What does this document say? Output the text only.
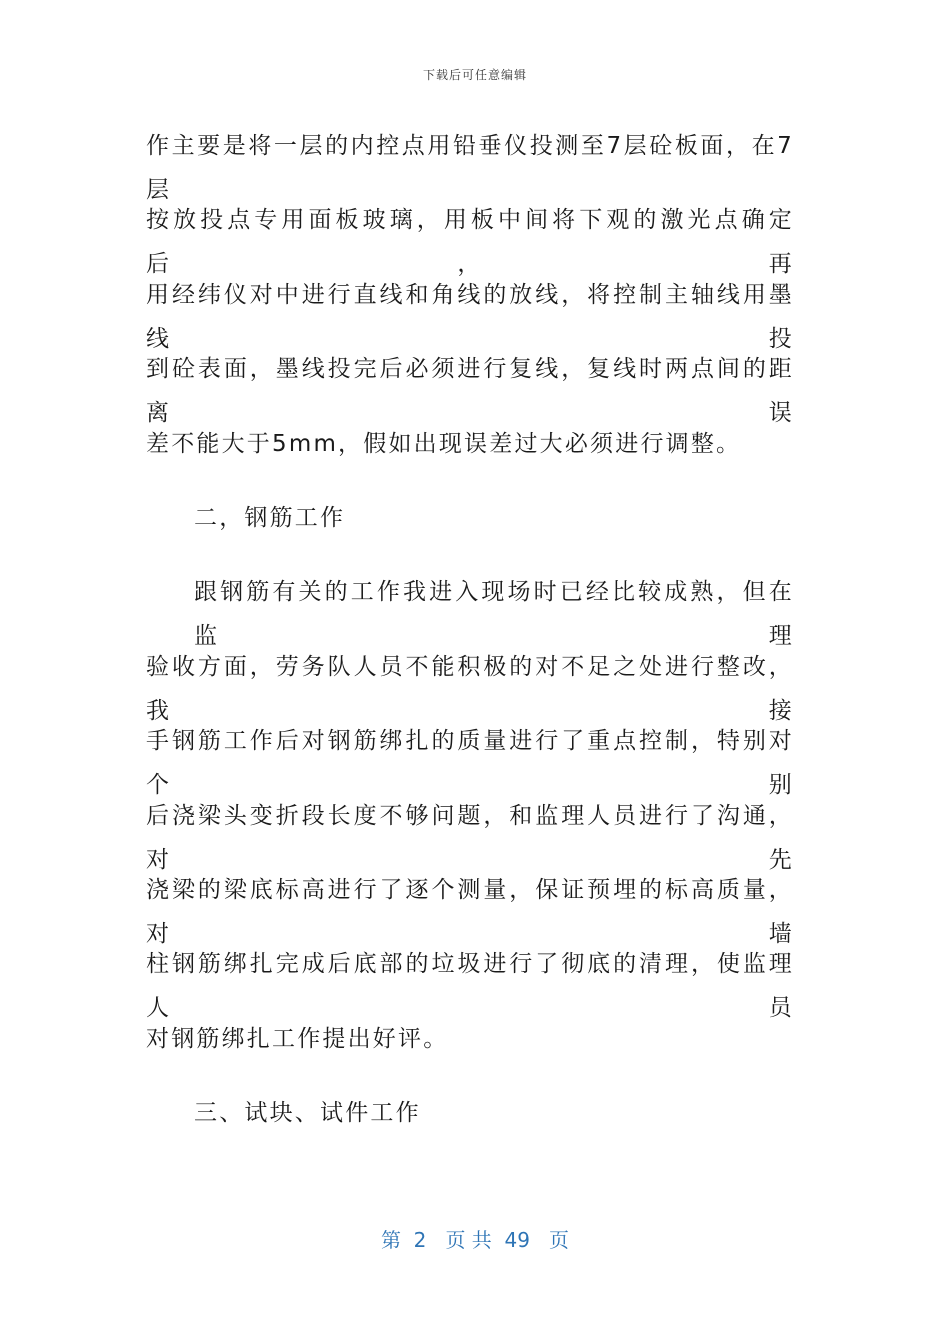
下载后可任意编辑
作主要是将一层的内控点用铅垂仪投测至7层砼板面，在7层
按放投点专用面板玻璃，用板中间将下观的激光点确定后，再
用经纬仪对中进行直线和角线的放线，将控制主轴线用墨线投
到砼表面，墨线投完后必须进行复线，复线时两点间的距离误
差不能大于5mm，假如出现误差过大必须进行调整。
二，钢筋工作
跟钢筋有关的工作我进入现场时已经比较成熟，但在监理
验收方面，劳务队人员不能积极的对不足之处进行整改，我接
手钢筋工作后对钢筋绑扎的质量进行了重点控制，特别对个别
后浇梁头变折段长度不够问题，和监理人员进行了沟通，对先
浇梁的梁底标高进行了逐个测量，保证预埋的标高质量，对墙
柱钢筋绑扎完成后底部的垃圾进行了彻底的清理，使监理人员
对钢筋绑扎工作提出好评。
三、试块、试件工作
第  2   页 共  49   页
